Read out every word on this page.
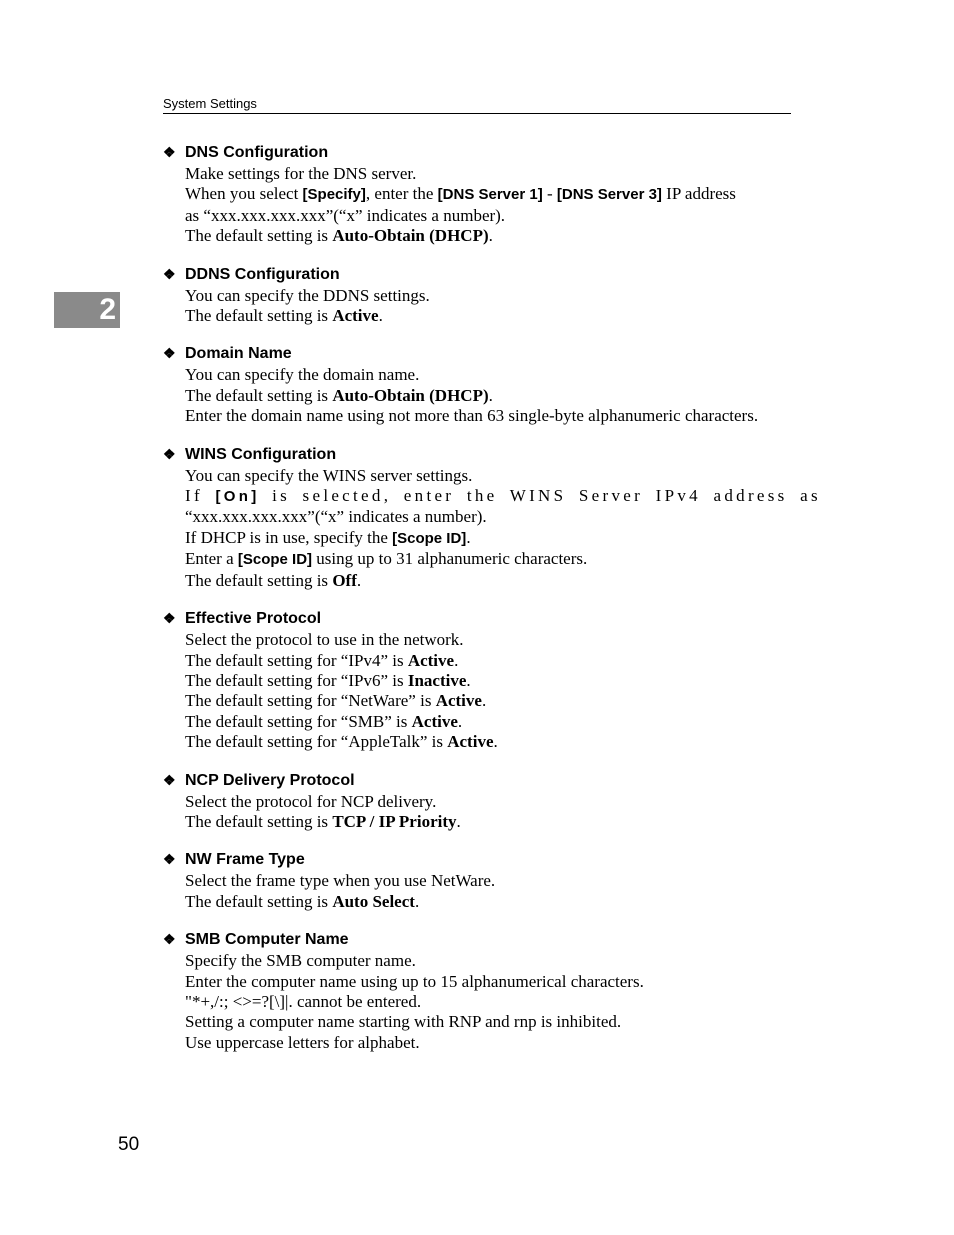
System Settings
2
❖ DNS Configuration
Make settings for the DNS server.
When you select [Specify], enter the [DNS Server 1] - [DNS Server 3] IP address
as “xxx.xxx.xxx.xxx”(“x” indicates a number).
The default setting is Auto-Obtain (DHCP).
❖ DDNS Configuration
You can specify the DDNS settings.
The default setting is Active.
❖ Domain Name
You can specify the domain name.
The default setting is Auto-Obtain (DHCP).
Enter the domain name using not more than 63 single-byte alphanumeric characters.
❖ WINS Configuration
You can specify the WINS server settings.
If [On] is selected, enter the WINS Server IPv4 address as
“xxx.xxx.xxx.xxx”(“x” indicates a number).
If DHCP is in use, specify the [Scope ID].
Enter a [Scope ID] using up to 31 alphanumeric characters.
The default setting is Off.
❖ Effective Protocol
Select the protocol to use in the network.
The default setting for “IPv4” is Active.
The default setting for “IPv6” is Inactive.
The default setting for “NetWare” is Active.
The default setting for “SMB” is Active.
The default setting for “AppleTalk” is Active.
❖ NCP Delivery Protocol
Select the protocol for NCP delivery.
The default setting is TCP / IP Priority.
❖ NW Frame Type
Select the frame type when you use NetWare.
The default setting is Auto Select.
❖ SMB Computer Name
Specify the SMB computer name.
Enter the computer name using up to 15 alphanumerical characters.
"*+,/:; <>=?[\]|. cannot be entered.
Setting a computer name starting with RNP and rnp is inhibited.
Use uppercase letters for alphabet.
50
